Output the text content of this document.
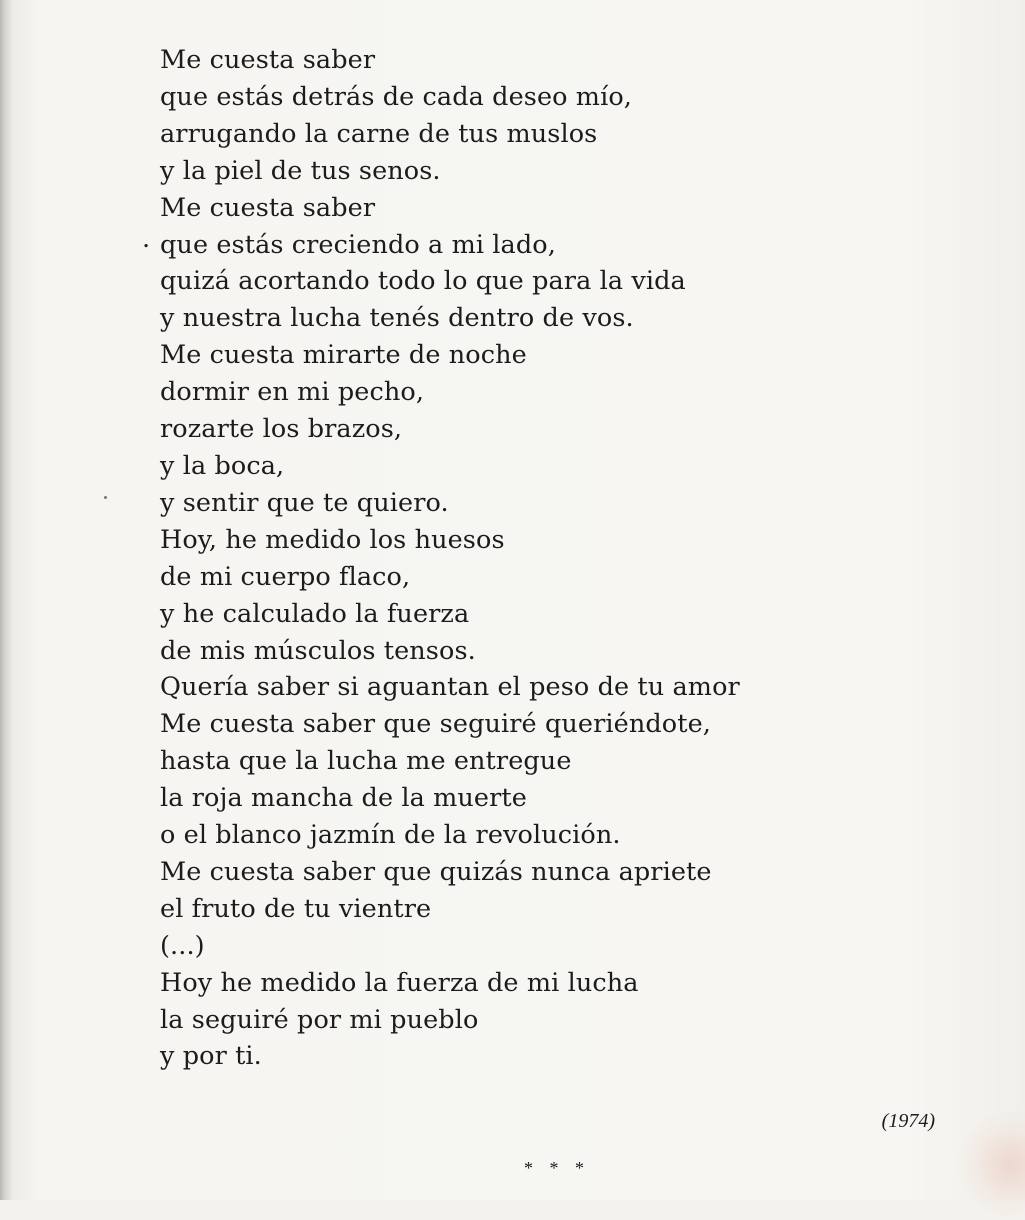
Me cuesta saber
que estás detrás de cada deseo mío,
arrugando la carne de tus muslos
y la piel de tus senos.
Me cuesta saber
. que estás creciendo a mi lado,
quizá acortando todo lo que para la vida
y nuestra lucha tenés dentro de vos.
Me cuesta mirarte de noche
dormir en mi pecho,
rozarte los brazos,
y la boca,
y sentir que te quiero.
Hoy, he medido los huesos
de mi cuerpo flaco,
y he calculado la fuerza
de mis músculos tensos.
Quería saber si aguantan el peso de tu amor
Me cuesta saber que seguiré queriéndote,
hasta que la lucha me entregue
la roja mancha de la muerte
o el blanco jazmín de la revolución.
Me cuesta saber que quizás nunca apriete
el fruto de tu vientre
(...)
Hoy he medido la fuerza de mi lucha
la seguiré por mi pueblo
y por ti.
(1974)
* * *
